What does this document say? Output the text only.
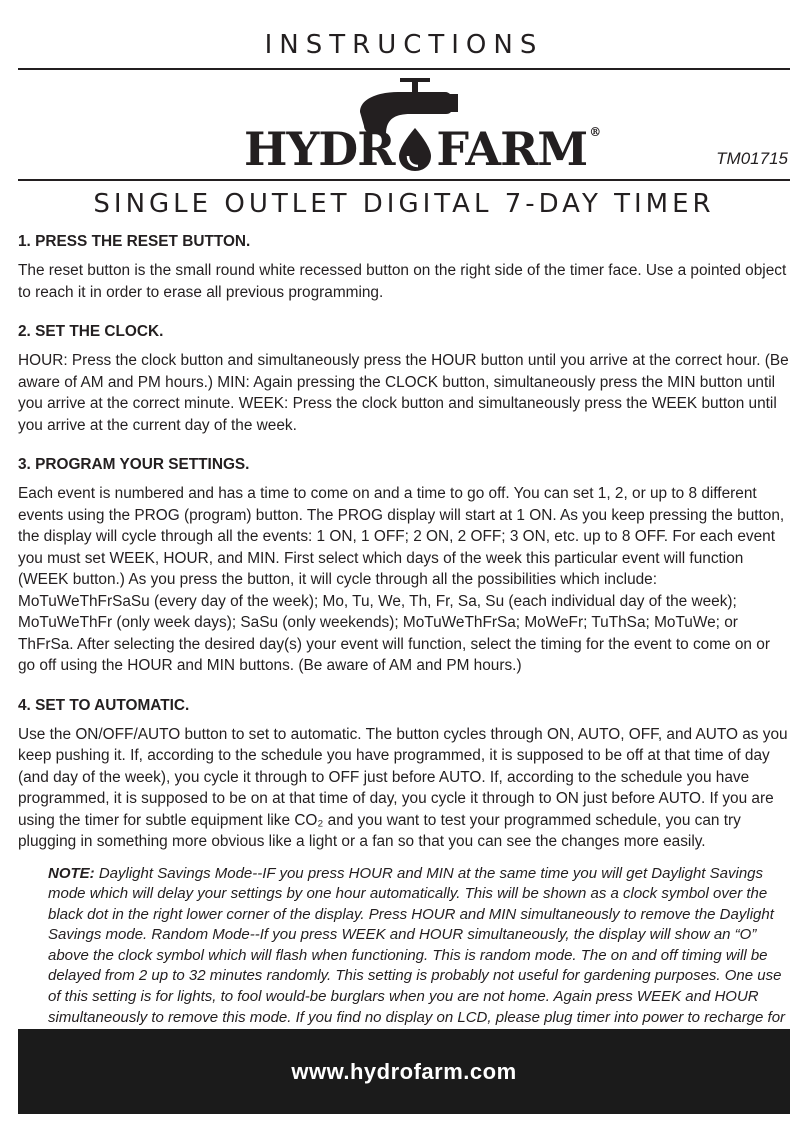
INSTRUCTIONS
HYDR FARM ®
TM01715
SINGLE OUTLET DIGITAL 7-DAY TIMER
1. PRESS THE RESET BUTTON.

The reset button is the small round white recessed button on the right side of the timer face. Use a pointed object to reach it in order to erase all previous programming.

2. SET THE CLOCK.

HOUR: Press the clock button and simultaneously press the HOUR button until you arrive at the correct hour. (Be aware of AM and PM hours.) MIN: Again pressing the CLOCK button, simultaneously press the MIN button until you arrive at the correct minute. WEEK: Press the clock button and simultaneously press the WEEK button until you arrive at the current day of the week.

3. PROGRAM YOUR SETTINGS.

Each event is numbered and has a time to come on and a time to go off. You can set 1, 2, or up to 8 different events using the PROG (program) button. The PROG display will start at 1 ON. As you keep pressing the button, the display will cycle through all the events: 1 ON, 1 OFF; 2 ON, 2 OFF; 3 ON, etc. up to 8 OFF. For each event you must set WEEK, HOUR, and MIN. First select which days of the week this particular event will function (WEEK button.) As you press the button, it will cycle through all the possibilities which include: MoTuWeThFrSaSu (every day of the week); Mo, Tu, We, Th, Fr, Sa, Su (each individual day of the week); MoTuWeThFr (only week days); SaSu (only weekends); MoTuWeThFrSa; MoWeFr; TuThSa; MoTuWe; or ThFrSa. After selecting the desired day(s) your event will function, select the timing for the event to come on or go off using the HOUR and MIN buttons. (Be aware of AM and PM hours.)

4. SET TO AUTOMATIC.

Use the ON/OFF/AUTO button to set to automatic. The button cycles through ON, AUTO, OFF, and AUTO as you keep pushing it. If, according to the schedule you have programmed, it is supposed to be off at that time of day (and day of the week), you cycle it through to OFF just before AUTO. If, according to the schedule you have programmed, it is supposed to be on at that time of day, you cycle it through to ON just before AUTO. If you are using the timer for subtle equipment like CO₂ and you want to test your programmed schedule, you can try plugging in something more obvious like a light or a fan so that you can see the changes more easily.

NOTE: Daylight Savings Mode--IF you press HOUR and MIN at the same time you will get Daylight Savings mode which will delay your settings by one hour automatically. This will be shown as a clock symbol over the black dot in the right lower corner of the display. Press HOUR and MIN simultaneously to remove the Daylight Savings mode. Random Mode--If you press WEEK and HOUR simultaneously, the display will show an “O” above the clock symbol which will flash when functioning. This is random mode. The on and off timing will be delayed from 2 up to 32 minutes randomly. This setting is probably not useful for gardening purposes. One use of this setting is for lights, to fool would-be burglars when you are not home. Again press WEEK and HOUR simultaneously to remove this mode. If you find no display on LCD, please plug timer into power to recharge for

www.hydrofarm.com
